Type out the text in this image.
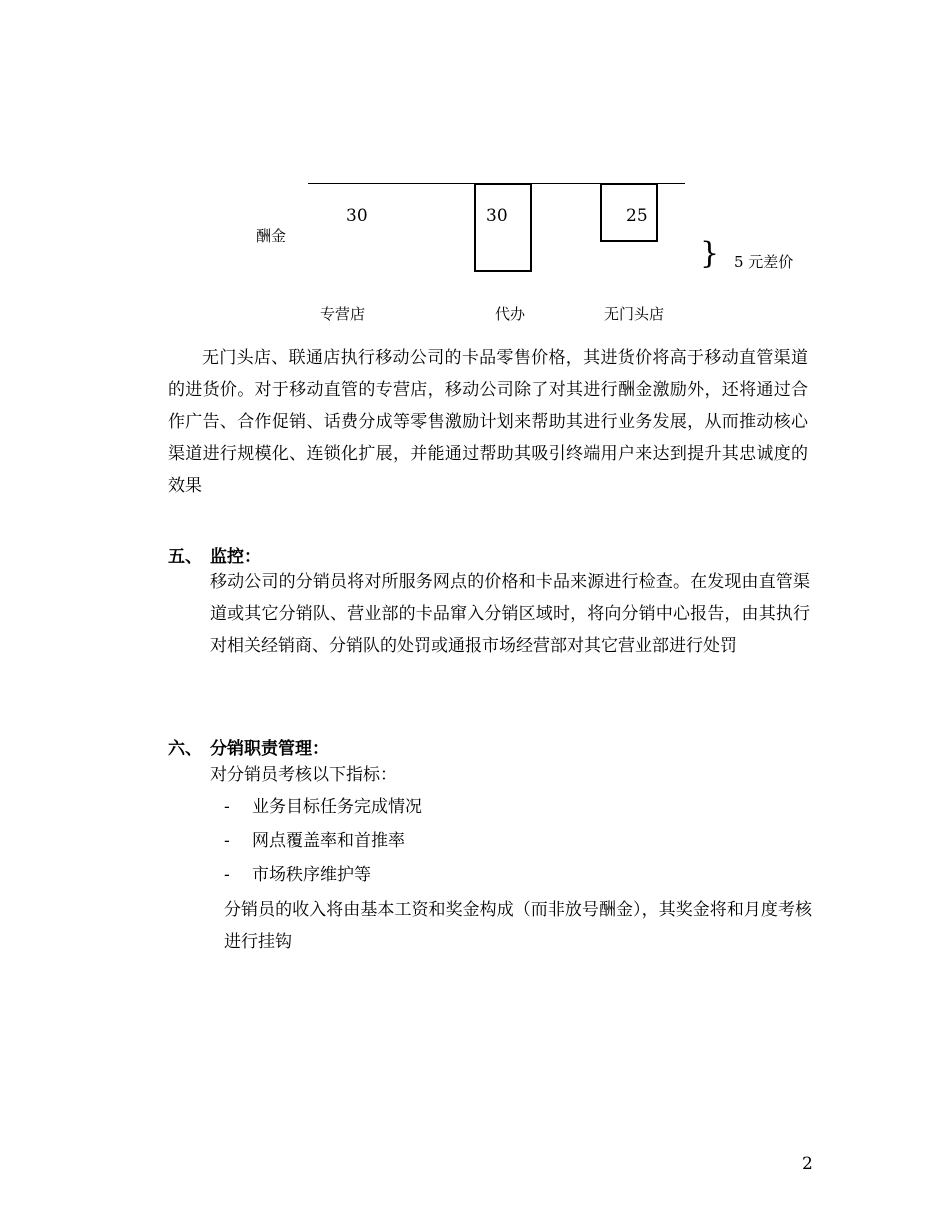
酬金
30	30	25
} 5 元差价
专营店	代办	无门头店

无门头店、联通店执行移动公司的卡品零售价格，其进货价将高于移动直管渠道的进货价。对于移动直管的专营店，移动公司除了对其进行酬金激励外，还将通过合作广告、合作促销、话费分成等零售激励计划来帮助其进行业务发展，从而推动核心渠道进行规模化、连锁化扩展，并能通过帮助其吸引终端用户来达到提升其忠诚度的效果

五、 监控：

移动公司的分销员将对所服务网点的价格和卡品来源进行检查。在发现由直管渠道或其它分销队、营业部的卡品窜入分销区域时，将向分销中心报告，由其执行对相关经销商、分销队的处罚或通报市场经营部对其它营业部进行处罚

六、 分销职责管理：
对分销员考核以下指标：
- 业务目标任务完成情况
- 网点覆盖率和首推率
- 市场秩序维护等

分销员的收入将由基本工资和奖金构成（而非放号酬金），其奖金将和月度考核进行挂钩

2
